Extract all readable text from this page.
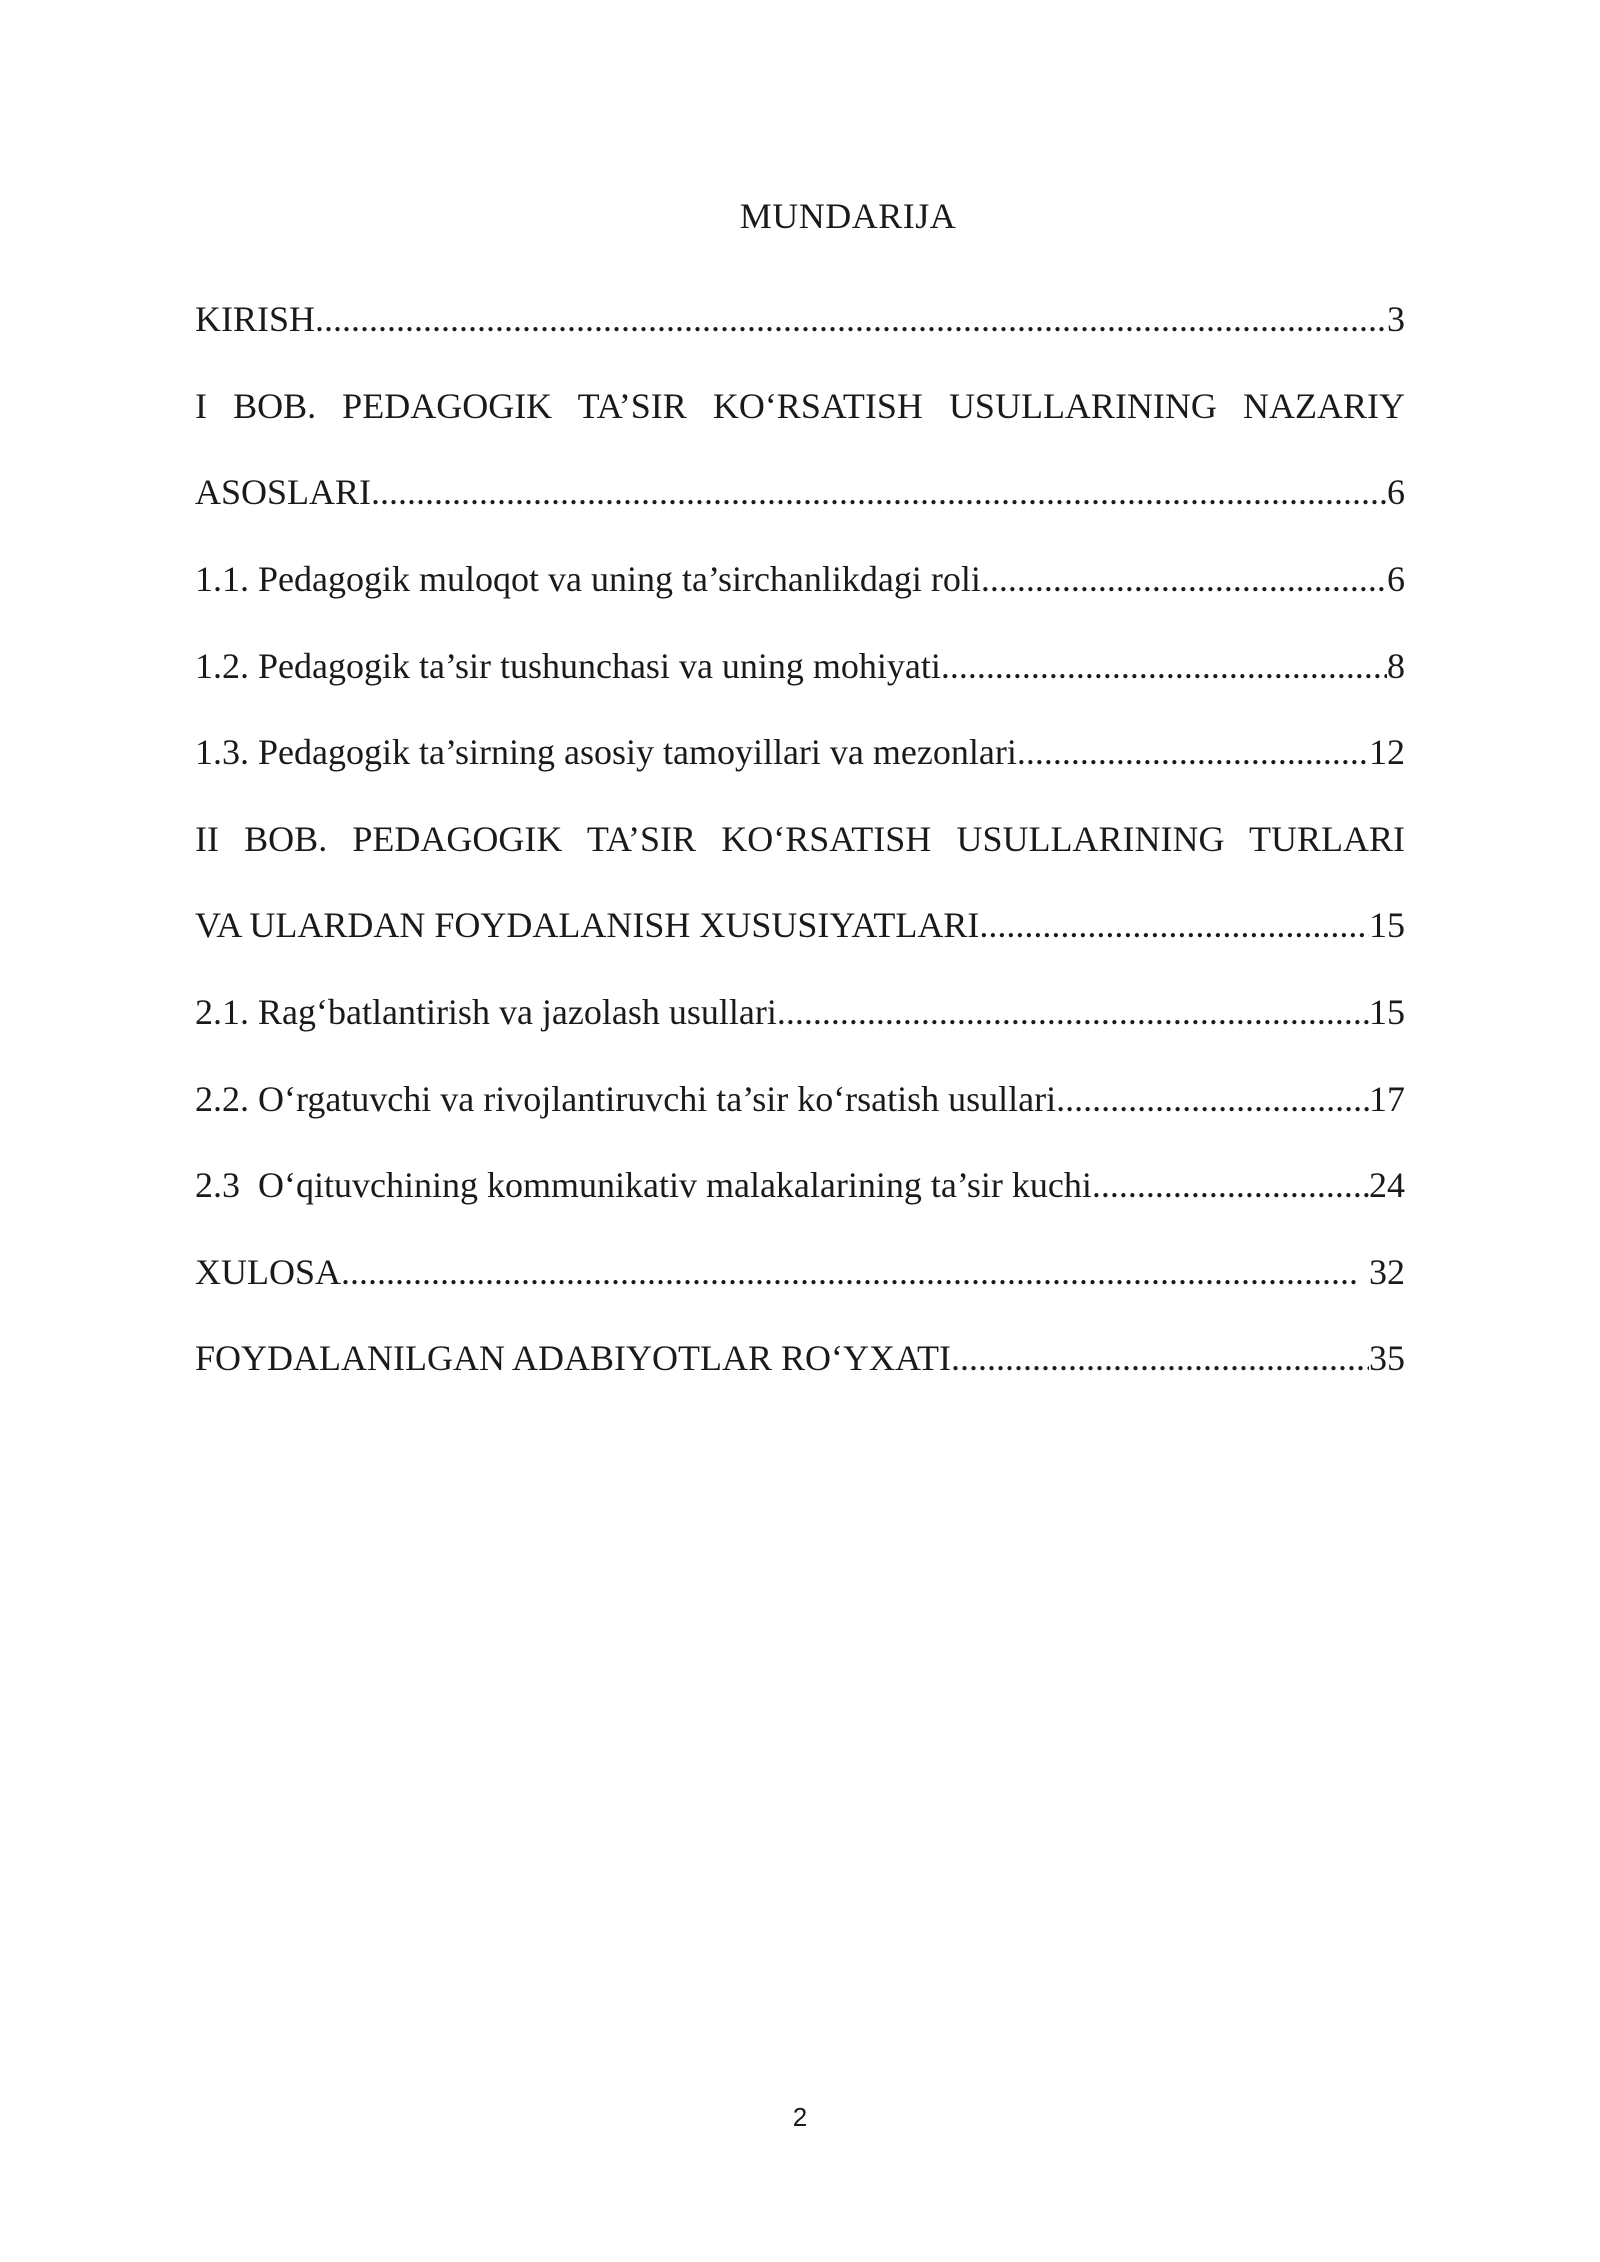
MUNDARIJA
KIRISH .....	3
I BOB. PEDAGOGIK TA’SIR KO‘RSATISH USULLARINING NAZARIY
ASOSLARI .....	6
1.1. Pedagogik muloqot va uning ta’sirchanlikdagi roli .....	6
1.2. Pedagogik ta’sir tushunchasi va uning mohiyati .....	8
1.3. Pedagogik ta’sirning asosiy tamoyillari va mezonlari .....	12
II BOB. PEDAGOGIK TA’SIR KO‘RSATISH USULLARINING TURLARI
VA ULARDAN FOYDALANISH XUSUSIYATLARI .....	15
2.1. Rag‘batlantirish va jazolash usullari .....	15
2.2. O‘rgatuvchi va rivojlantiruvchi ta’sir ko‘rsatish usullari .....	17
2.3  O‘qituvchining kommunikativ malakalarining ta’sir kuchi .....	24
XULOSA .....	32
FOYDALANILGAN ADABIYOTLAR RO‘YXATI .....	35
2
